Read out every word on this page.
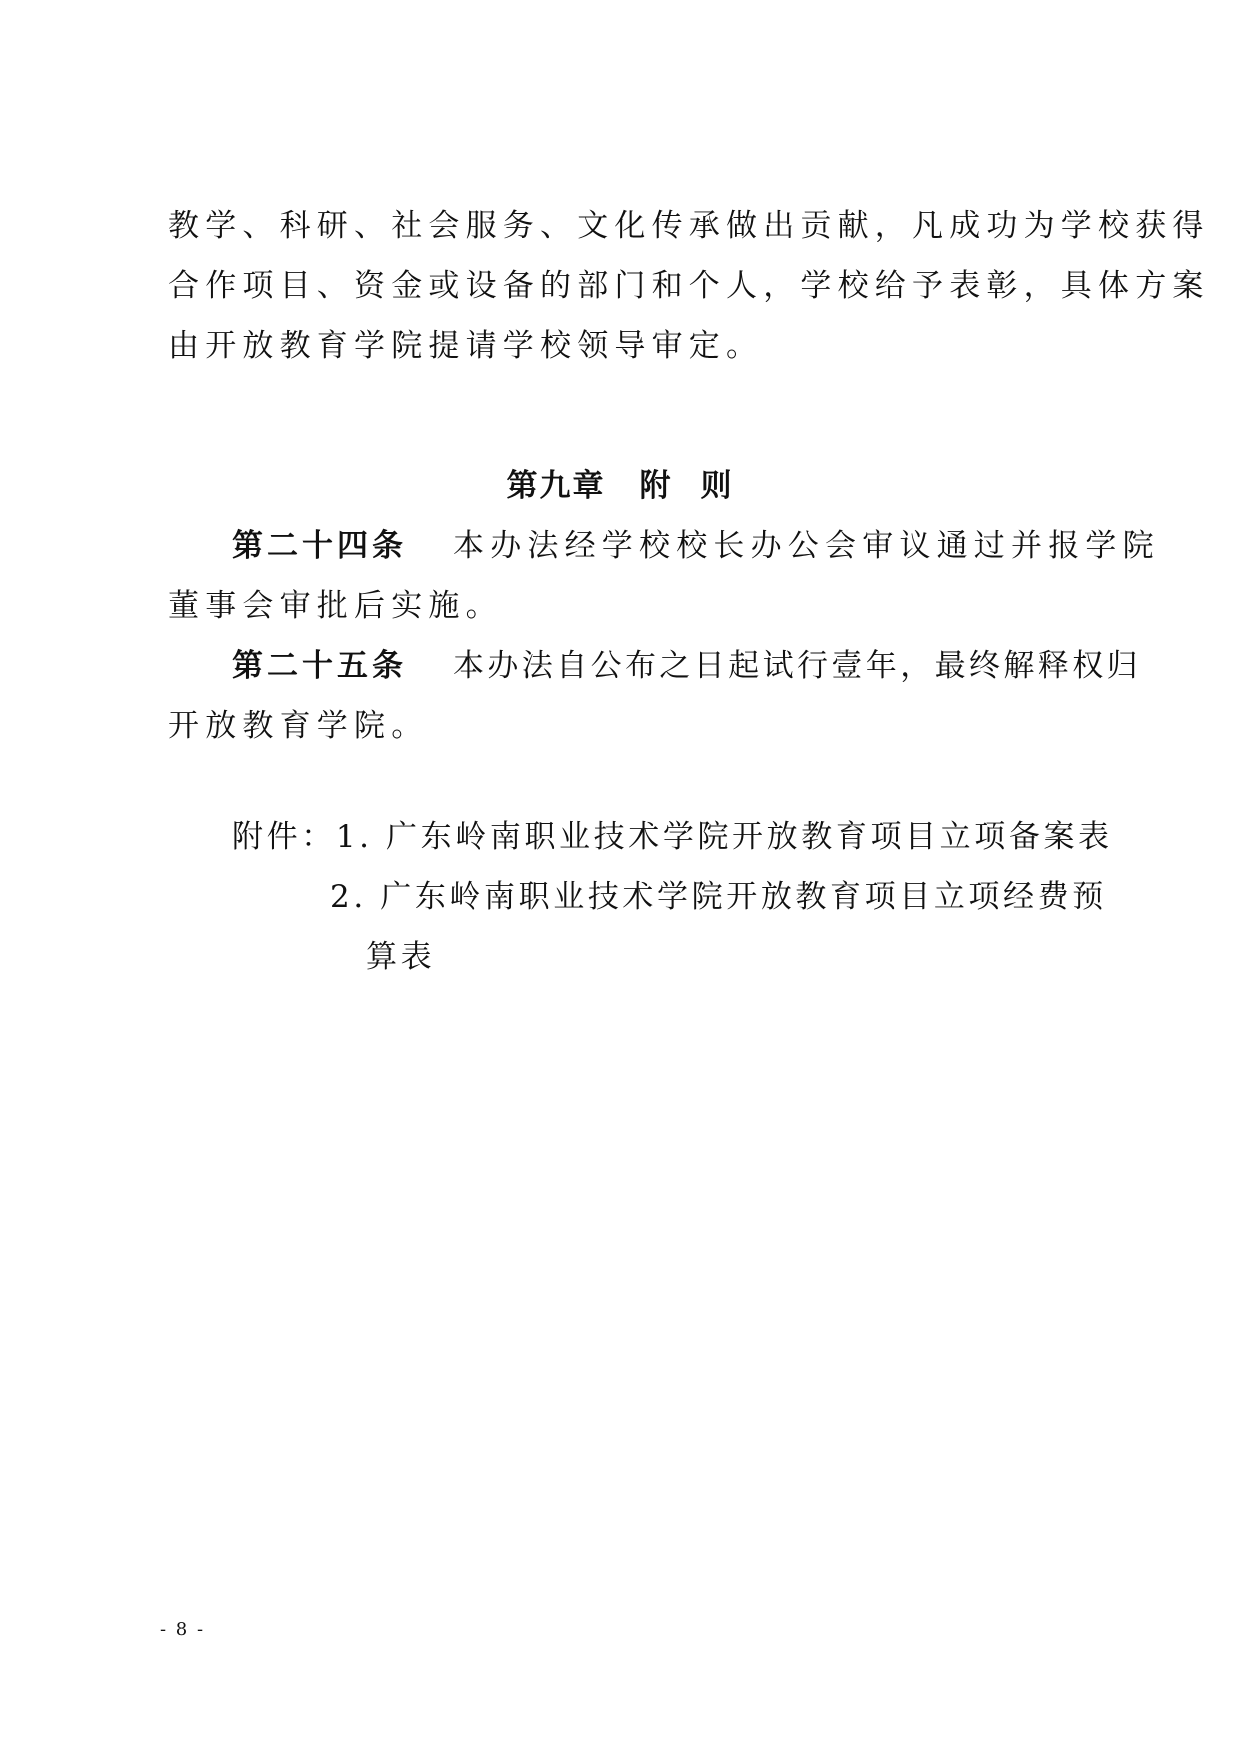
教学、科研、社会服务、文化传承做出贡献，凡成功为学校获得
合作项目、资金或设备的部门和个人，学校给予表彰，具体方案
由开放教育学院提请学校领导审定。
第九章 附 则
第二十四条 本办法经学校校长办公会审议通过并报学院
董事会审批后实施。
第二十五条 本办法自公布之日起试行壹年，最终解释权归
开放教育学院。
附件：1. 广东岭南职业技术学院开放教育项目立项备案表
2. 广东岭南职业技术学院开放教育项目立项经费预
算表
- 8 -
